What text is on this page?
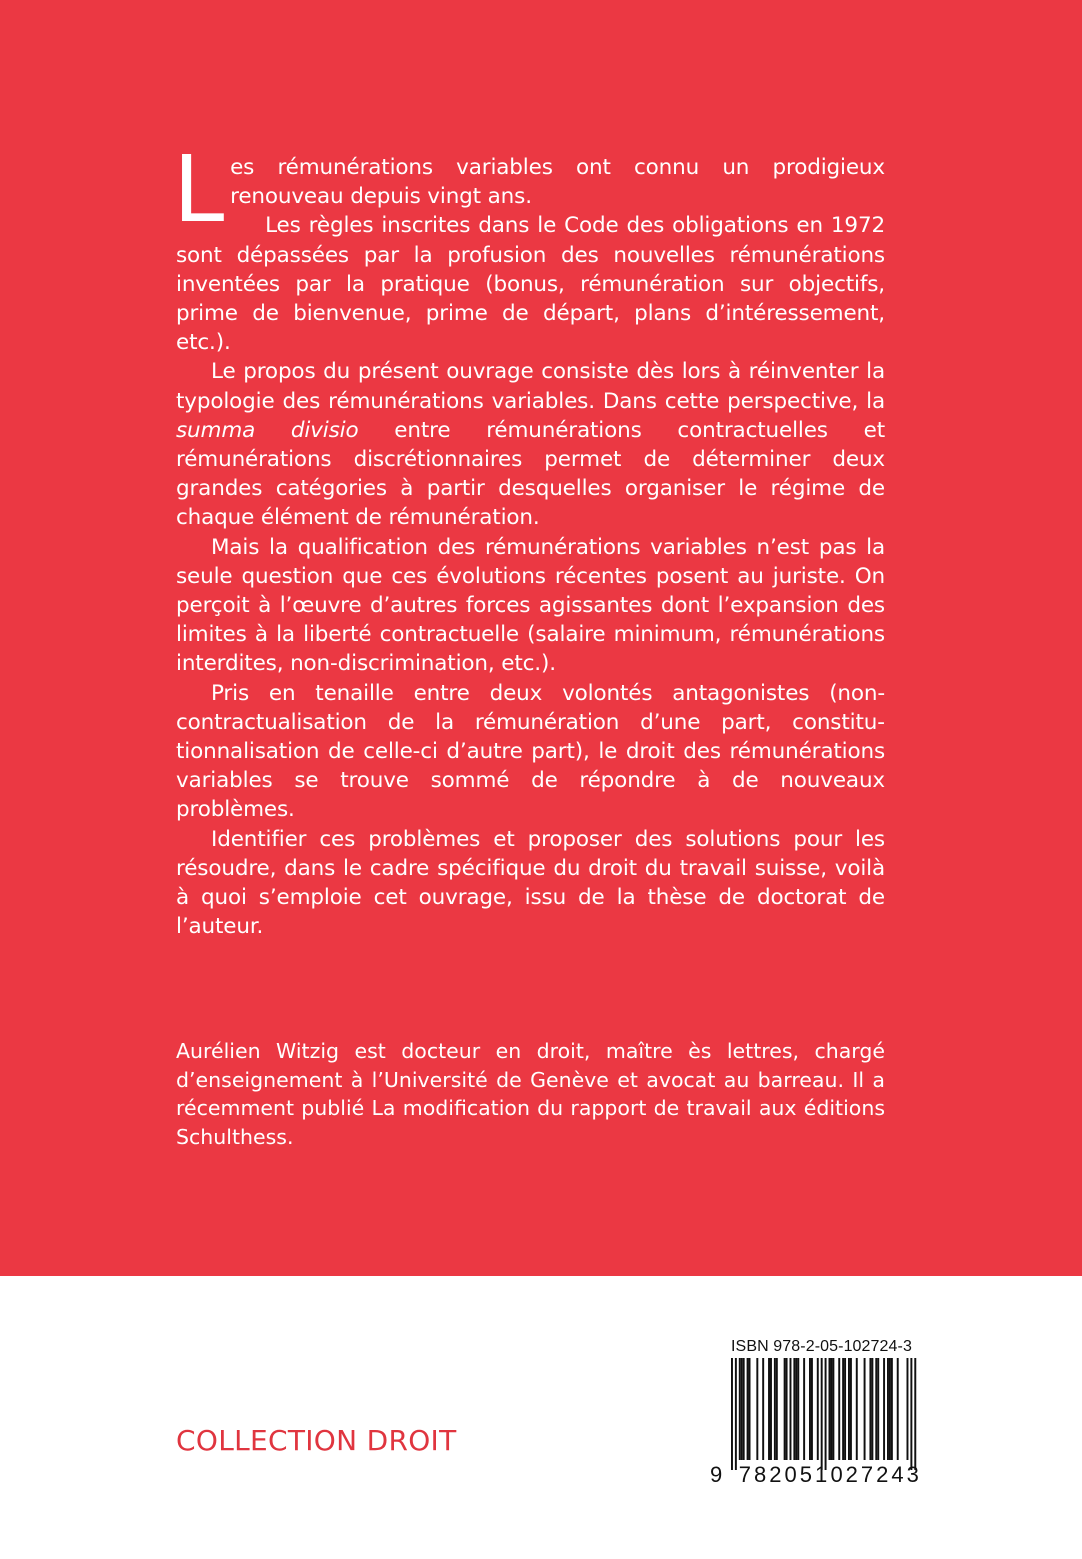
Les rémunérations variables ont connu un prodigieux renouveau depuis vingt ans.

Les règles inscrites dans le Code des obligations en 1972 sont dépassées par la profusion des nouvelles rémunérations inventées par la pratique (bonus, rémunération sur objectifs, prime de bienvenue, prime de départ, plans d’intéressement, etc.).

Le propos du présent ouvrage consiste dès lors à réinventer la typologie des rémunérations variables. Dans cette perspective, la summa divisio entre rémunérations contractuelles et rémunérations discrétionnaires permet de déterminer deux grandes catégories à partir desquelles organiser le régime de chaque élément de rémunération.

Mais la qualification des rémunérations variables n’est pas la seule question que ces évolutions récentes posent au juriste. On perçoit à l’œuvre d’autres forces agissantes dont l’expansion des limites à la liberté contractuelle (salaire minimum, rémunérations interdites, non-discrimination, etc.).

Pris en tenaille entre deux volontés antagonistes (non-contractualisation de la rémunération d’une part, constitutionnalisation de celle-ci d’autre part), le droit des rémunérations variables se trouve sommé de répondre à de nouveaux problèmes.

Identifier ces problèmes et proposer des solutions pour les résoudre, dans le cadre spécifique du droit du travail suisse, voilà à quoi s’emploie cet ouvrage, issu de la thèse de doctorat de l’auteur.

Aurélien Witzig est docteur en droit, maître ès lettres, chargé d’enseignement à l’Université de Genève et avocat au barreau. Il a récemment publié La modification du rapport de travail aux éditions Schulthess.

COLLECTION DROIT
9 782051 027243
ISBN 978-2-05-102724-3
